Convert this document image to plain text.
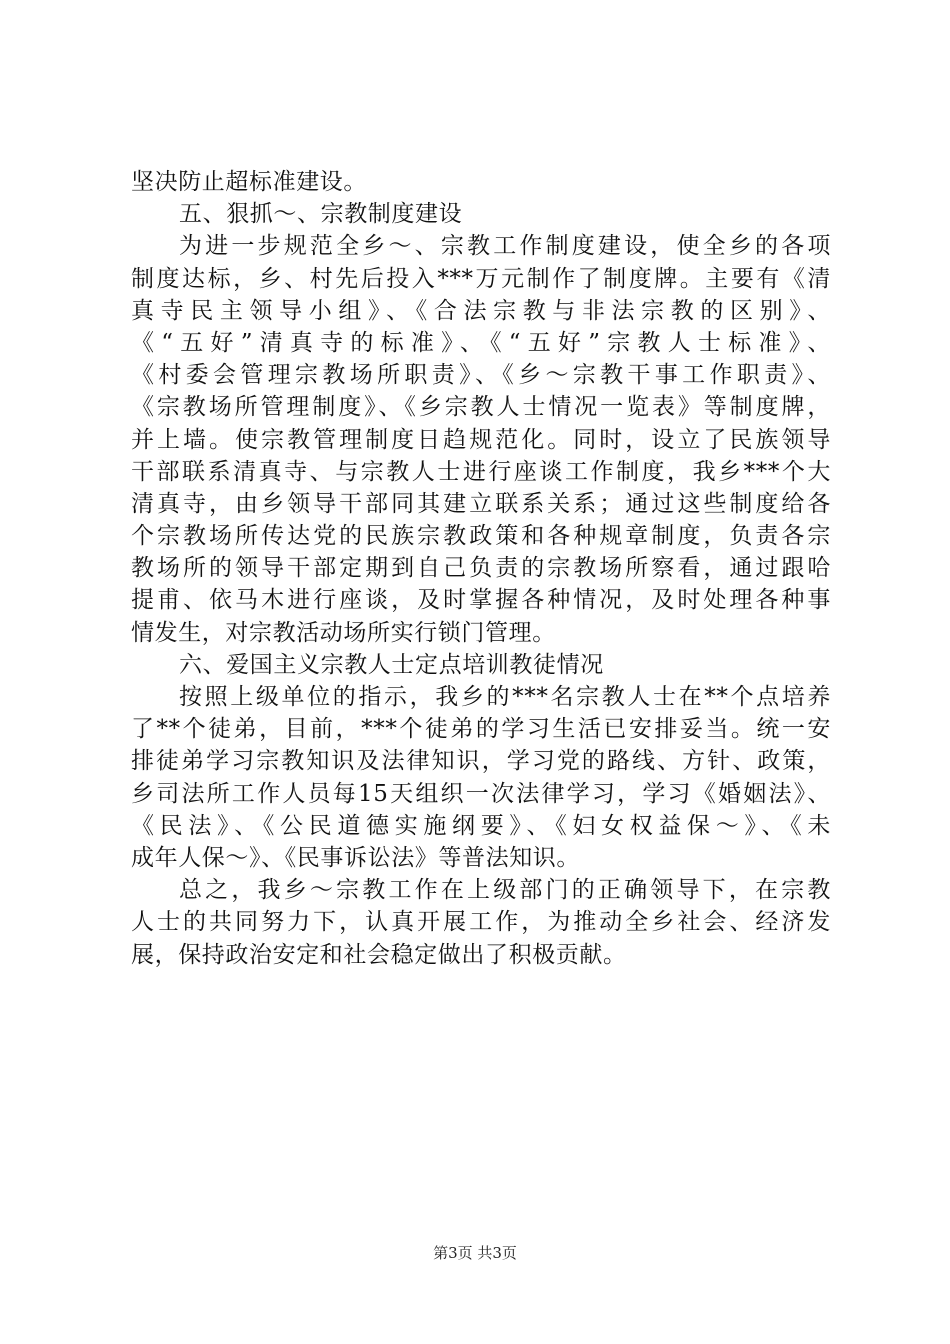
坚决防止超标准建设。
五、狠抓～、宗教制度建设
为进一步规范全乡～、宗教工作制度建设，使全乡的各项
制度达标，乡、村先后投入***万元制作了制度牌。主要有《清
真寺民主领导小组》、《合法宗教与非法宗教的区别》、
《“五好”清真寺的标准》、《“五好”宗教人士标准》、
《村委会管理宗教场所职责》、《乡～宗教干事工作职责》、
《宗教场所管理制度》、《乡宗教人士情况一览表》等制度牌，
并上墙。使宗教管理制度日趋规范化。同时，设立了民族领导
干部联系清真寺、与宗教人士进行座谈工作制度，我乡***个大
清真寺，由乡领导干部同其建立联系关系；通过这些制度给各
个宗教场所传达党的民族宗教政策和各种规章制度，负责各宗
教场所的领导干部定期到自己负责的宗教场所察看，通过跟哈
提甫、依马木进行座谈，及时掌握各种情况，及时处理各种事
情发生，对宗教活动场所实行锁门管理。
六、爱国主义宗教人士定点培训教徒情况
按照上级单位的指示，我乡的***名宗教人士在**个点培养
了**个徒弟，目前，***个徒弟的学习生活已安排妥当。统一安
排徒弟学习宗教知识及法律知识，学习党的路线、方针、政策，
乡司法所工作人员每15天组织一次法律学习，学习《婚姻法》、
《民法》、《公民道德实施纲要》、《妇女权益保～》、《未
成年人保～》、《民事诉讼法》等普法知识。
总之，我乡～宗教工作在上级部门的正确领导下，在宗教
人士的共同努力下，认真开展工作，为推动全乡社会、经济发
展，保持政治安定和社会稳定做出了积极贡献。
第3页 共3页
